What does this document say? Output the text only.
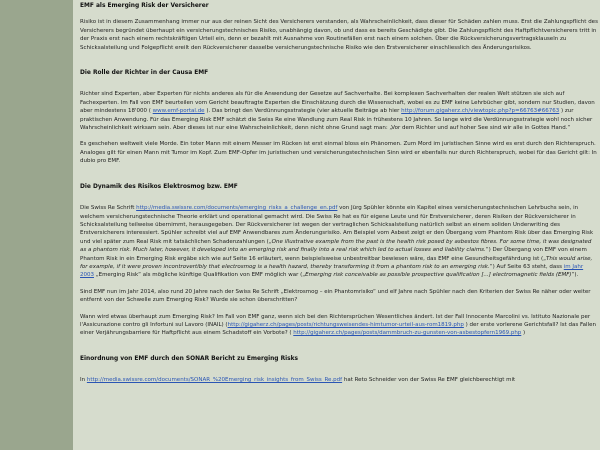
EMF als Emerging Risk der Versicherer

Risiko ist in diesem Zusammenhang immer nur aus der reinen Sicht des Versicherers verstanden, als Wahrscheinlichkeit, dass dieser für Schäden zahlen muss. Erst die Zahlungspflicht des Versicherers begründet überhaupt ein versicherungstechnisches Risiko, unabhängig davon, ob und dass es bereits Geschädigte gibt. Die Zahlungspflicht des Haftpflichtversicherers tritt in der Praxis erst nach einem rechtskräftigen Urteil ein, denn er bezahlt mit Ausnahme von Routinefällen erst nach einem solchen. Über die Rückversicherungsvertragsklauseln zu Schicksalsteilung und Folgepflicht ereilt den Rückversicherer dasselbe versicherungstechnische Risiko wie den Erstversicherer einschliesslich des Änderungsrisikos.

Die Rolle der Richter in der Causa EMF

Richter sind Experten, aber Experten für nichts anderes als für die Anwendung der Gesetze auf Sachverhalte. Bei komplexen Sachverhalten der realen Welt stützen sie sich auf Fachexperten. Im Fall von EMF beurteilen vom Gericht beauftragte Experten die Einschätzung durch die Wissenschaft, wobei es zu EMF keine Lehrbücher gibt, sondern nur Studien, davon aber mindestens 18'000 ( www.emf-portal.de ). Das bringt den Verdünnungsstrategie (vier aktuelle Beiträge ab hier http://forum.gigaherz.ch/viewtopic.php?p=66763#66763 ) zur praktischen Anwendung. Für das Emerging Risk EMF schätzt die Swiss Re eine Wandlung zum Real Risk in frühestens 10 Jahren. So lange wird die Verdünnungsstrategie wohl noch sicher Wahrscheinlichkeit wirksam sein. Aber dieses ist nur eine Wahrscheinlichkeit, denn nicht ohne Grund sagt man: „Vor dem Richter und auf hoher See sind wir alle in Gottes Hand.“

Es geschehen weltweit viele Morde. Ein toter Mann mit einem Messer im Rücken ist erst einmal bloss ein Phänomen. Zum Mord im juristischen Sinne wird es erst durch den Richterspruch. Analoges gilt für einen Mann mit Tumor im Kopf. Zum EMF-Opfer im juristischen und versicherungstechnischen Sinn wird er ebenfalls nur durch Richterspruch, wobei für das Gericht gilt: In dubio pro EMF.

Die Dynamik des Risikos Elektrosmog bzw. EMF

Die Swiss Re Schrift http://media.swissre.com/documents/emerging_risks_a_challenge_en.pdf von Jürg Spühler könnte ein Kapitel eines versicherungstechnischen Lehrbuchs sein, in welchem versicherungstechnische Theorie erklärt und operational gemacht wird. Die Swiss Re hat es für eigene Leute und für Erstversicherer, deren Risiken der Rückversicherer in Schicksalsteilung teilweise übernimmt, herausgegeben. Der Rückversicherer ist wegen der vertraglichen Schicksalsteilung natürlich selbst an einem soliden Underwriting des Erstversicherers interessiert. Spühler schreibt viel auf EMF Anwendbares zum Änderungsrisiko. Am Beispiel vom Asbest zeigt er den Übergang vom Phantom Risk über das Emerging Risk und viel später zum Real Risk mit tatsächlichen Schadenzahlungen („One illustrative example from the past is the health risk posed by asbestos fibres. For some time, it was designated as a phantom risk. Much later, however, it developed into an emerging risk and finally into a real risk which led to actual losses and liability claims.“) Der Übergang von EMF von einem Phantom Risk in ein Emerging Risk ergäbe sich wie auf Seite 16 erläutert, wenn beispielsweise unbestreitbar bewiesen wäre, das EMF eine Gesundheitsgefährdung ist („This would arise, for example, if it were proven incontrovertibly that electrosmog is a health hazard, thereby transforming it from a phantom risk to an emerging risk.“) Auf Seite 63 steht, dass im Jahr 2003 „Emerging Risk“ als mögliche künftige Qualifikation von EMF möglich war („Emerging risk conceivable as possible prospective qualification [...] electromagnetic fields (EMF)“).

Sind EMF nun im Jahr 2014, also rund 20 Jahre nach der Swiss Re Schrift „Elektrosmog – ein Phantomrisiko“ und elf Jahre nach Spühler nach den Kriterien der Swiss Re näher oder weiter entfernt von der Schwelle zum Emerging Risk? Wurde sie schon überschritten?

Wann wird etwas überhaupt zum Emerging Risk? Im Fall von EMF ganz, wenn sich bei den Richtersprüchen Wesentliches ändert. Ist der Fall Innocente Marcolini vs. Istituto Nazionale per l'Assicurazione contro gli Infortuni sul Lavoro (INAIL) (http://gigaherz.ch/pages/posts/richtungsweisendes-himtumor-urteil-aus-rom1819.php ) der erste vorlerene Gerichtsfall? Ist das Fallen einer Verjährungsbarriere für Haftpflicht aus einem Schadstoff ein Vorbote? ( http://gigaherz.ch/pages/posts/dammbruch-zu-gunsten-von-asbestopfern1969.php )

Einordnung von EMF durch den SONAR Bericht zu Emerging Risks

In http://media.swissre.com/documents/SONAR_%20Emerging_risk_insights_from_Swiss_Re.pdf hat Reto Schneider von der Swiss Re EMF gleichberechtigt mit
